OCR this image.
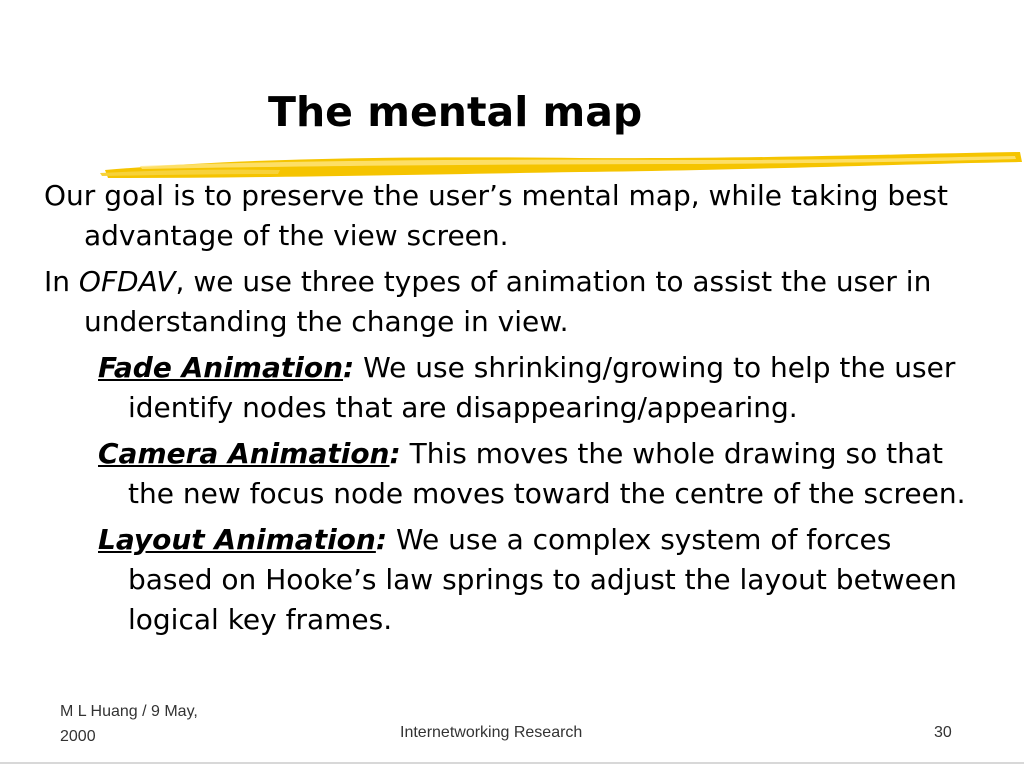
The mental map
Our goal is to preserve the user’s mental map, while taking best advantage of the view screen.
In OFDAV, we use three types of animation to assist the user in understanding the change in view.
Fade Animation: We use shrinking/growing to help the user identify nodes that are disappearing/appearing.
Camera Animation: This moves the whole drawing so that the new focus node moves toward the centre of the screen.
Layout Animation: We use a complex system of forces based on Hooke’s law springs to adjust the layout between logical key frames.
M L Huang / 9 May,
2000	Internetworking Research	30
